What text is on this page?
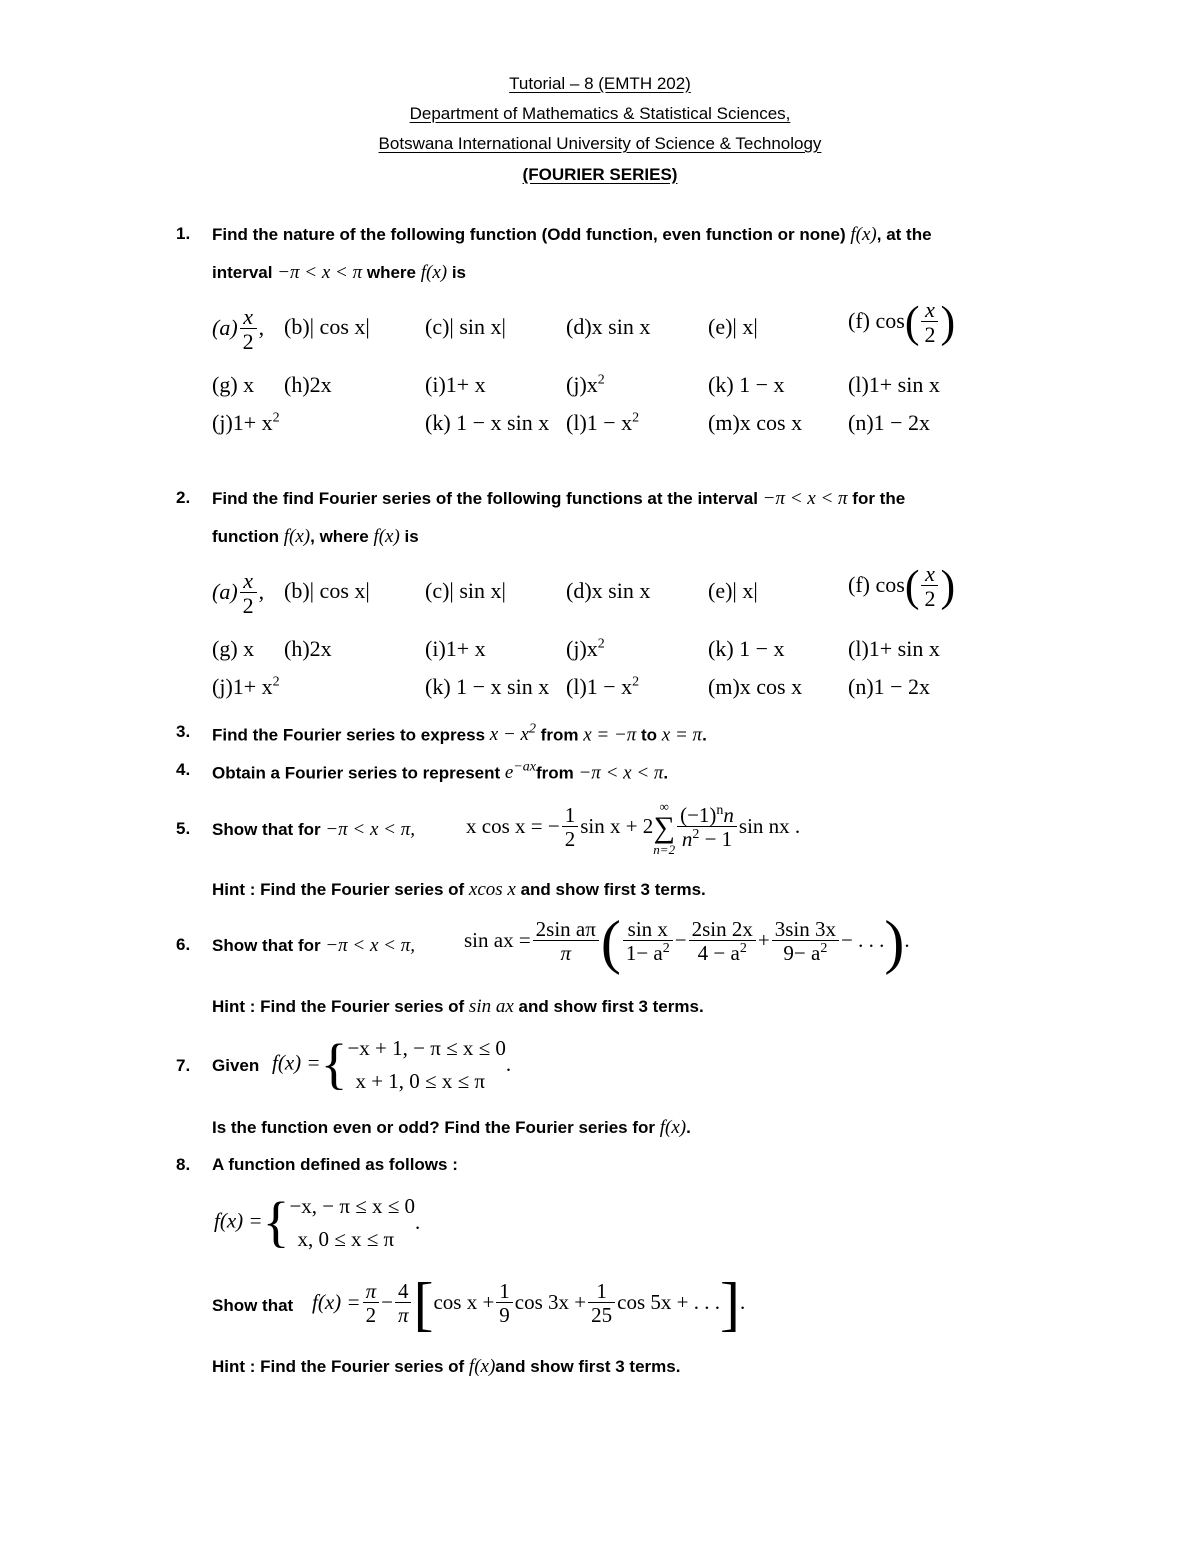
Tutorial – 8 (EMTH 202)
Department of Mathematics & Statistical Sciences,
Botswana International University of Science & Technology
(FOURIER SERIES)
1. Find the nature of the following function (Odd function, even function or none) f(x), at the
interval −π < x < π where f(x) is
$(a) \frac{x}{2}$ , (b)| cos x|	(c)| sin x|	(d)x sin x	(e)| x|	(f) $\cos( \frac{x}{2}$ )
(g) x (h)2x	(i)1+ x	$(j)x^2$	(k) 1 − x	(l)1+ sin x
$(j)1+ x^2$	(k) 1 − x sin x $(l)1 - x^2$	(m)x cos x (n)1 − 2x
2. Find the find Fourier series of the following functions at the interval −π < x < π for the
function f(x), where f(x) is
$(a) \frac{x}{2}$ , (b)| cos x|	(c)| sin x|	(d)x sin x	(e)| x|	(f) $\cos( \frac{x}{2}$ )
(g) x (h)2x	(i)1+ x	$(j)x^2$	(k) 1 − x	(l)1+ sin x
$(j)1+ x^2$	(k) 1 − x sin x $(l)1 - x^2$	(m)x cos x (n)1 − 2x
3. Find the Fourier series to express $x - x^2$ from x = −π to x = π.
4. Obtain a Fourier series to represent $e^{-ax}from -\pi < x < \pi$.
5. Show that for −π < x < π, x cos x = − $\frac{1}{2}$ sin x + 2∞
∑
$n=2 \frac{(-1)^nn}{n^2 - 1}$ sin nx .
Hint : Find the Fourier series of xcos x and show first 3 terms.
6. Show that for −π < x < π, sin ax = $\frac{\text{2sin aπ}}{\pi}$ ( $\frac{\text{sin x}}{1- a^2} - \frac{2\sin 2x}{4 - a^2} + \frac{3\sin 3x}{9- a^2}$ − . . .).
Hint : Find the Fourier series of sin ax and show first 3 terms.
7. Given f(x) ={ −x + 1, − π ≤ x ≤ 0
x + 1, 0 ≤ x ≤ π
.
Is the function even or odd? Find the Fourier series for f(x).
8. A function defined as follows :
f(x) ={ −x, − π ≤ x ≤ 0
x, 0 ≤ x ≤ π
.
Show that $f(x) = \frac{\pi}{2} - \frac{4}{\pi} [\cos$ $x + \frac{1}{9}$ $\cos 3x + \frac{1}{25}$ cos 5x + . . .].
Hint : Find the Fourier series of f(x)and show first 3 terms.
